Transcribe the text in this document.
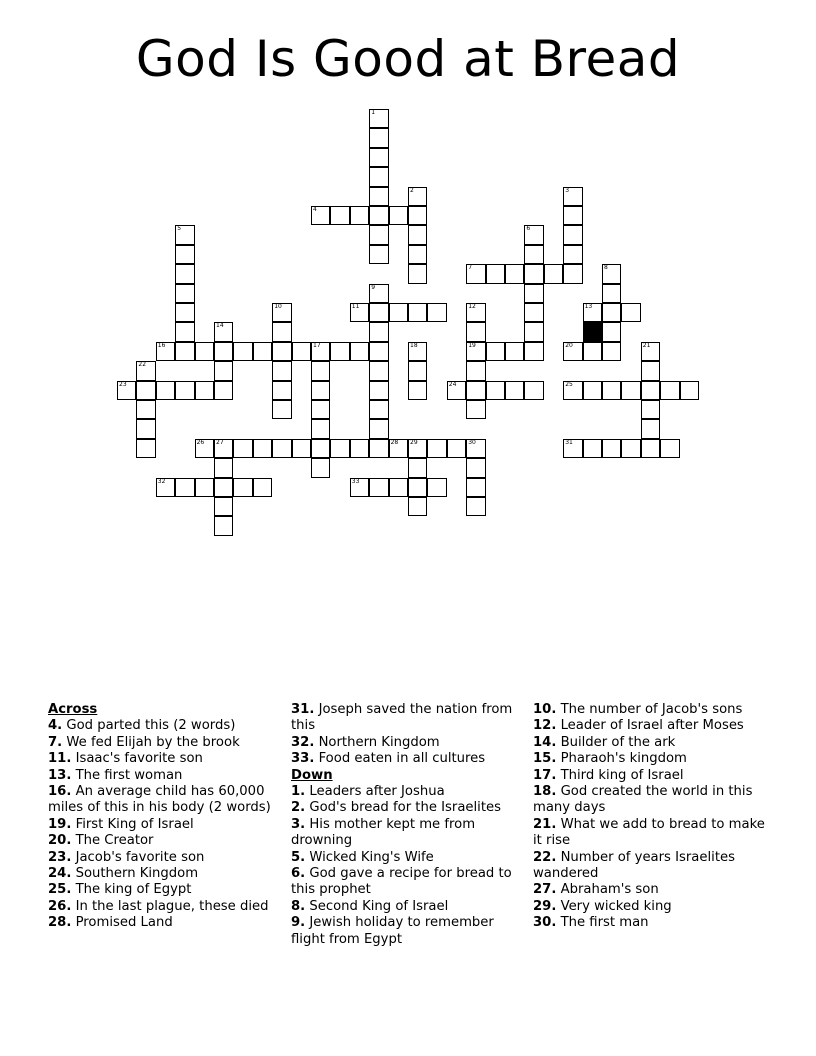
God Is Good at Bread
1
2	3
5	6
8
9
10	12
19
14
17	18	21
22
27	29	30
4
7
11	13
16	20
23	24	25
26	28	31
32	33
Across
4. God parted this (2 words)
7. We fed Elijah by the brook
11. Isaac's favorite son
13. The first woman
16. An average child has 60,000 miles of this in his body (2 words)
19. First King of Israel
20. The Creator
23. Jacob's favorite son
24. Southern Kingdom
25. The king of Egypt
26. In the last plague, these died
28. Promised Land
31. Joseph saved the nation from this
32. Northern Kingdom
33. Food eaten in all cultures
Down
1. Leaders after Joshua
2. God's bread for the Israelites
3. His mother kept me from drowning
5. Wicked King's Wife
6. God gave a recipe for bread to this prophet
8. Second King of Israel
9. Jewish holiday to remember flight from Egypt
10. The number of Jacob's sons
12. Leader of Israel after Moses
14. Builder of the ark
15. Pharaoh's kingdom
17. Third king of Israel
18. God created the world in this many days
21. What we add to bread to make it rise
22. Number of years Israelites wandered
27. Abraham's son
29. Very wicked king
30. The first man
